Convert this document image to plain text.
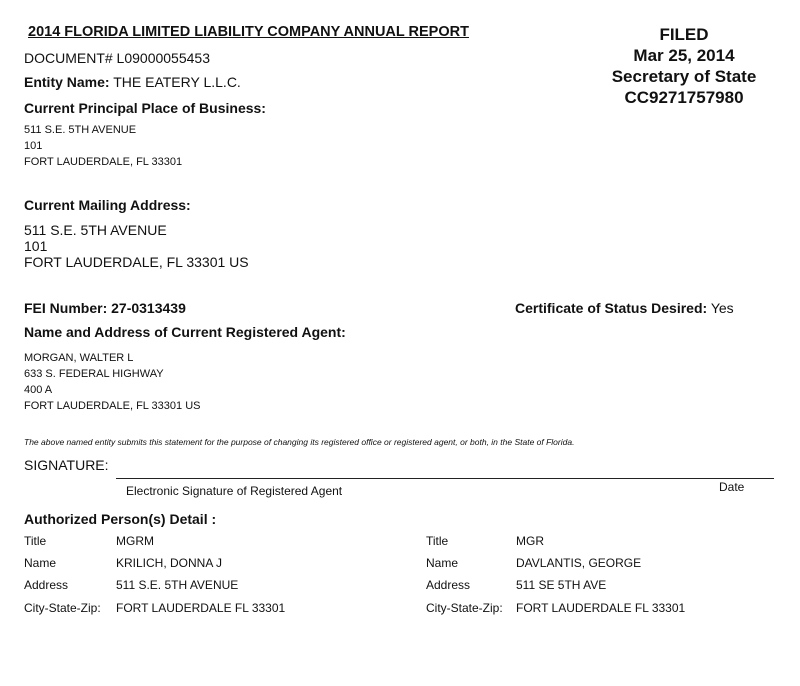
2014 FLORIDA LIMITED LIABILITY COMPANY ANNUAL REPORT
DOCUMENT# L09000055453
FILED
Mar 25, 2014
Secretary of State
CC9271757980
Entity Name: THE EATERY L.L.C.
Current Principal Place of Business:
511 S.E. 5TH AVENUE
101
FORT LAUDERDALE, FL 33301
Current Mailing Address:
511 S.E. 5TH AVENUE
101
FORT LAUDERDALE, FL 33301 US
FEI Number: 27-0313439	Certificate of Status Desired: Yes
Name and Address of Current Registered Agent:
MORGAN, WALTER L
633 S. FEDERAL HIGHWAY
400 A
FORT LAUDERDALE, FL 33301 US
The above named entity submits this statement for the purpose of changing its registered office or registered agent, or both, in the State of Florida.
SIGNATURE:
Electronic Signature of Registered Agent	Date
Authorized Person(s) Detail :
Title	MGRM
Name	KRILICH, DONNA J
Address	511 S.E. 5TH AVENUE
City-State-Zip: FORT LAUDERDALE FL 33301
Title	MGR
Name	DAVLANTIS, GEORGE
Address	511 SE 5TH AVE
City-State-Zip: FORT LAUDERDALE FL 33301
